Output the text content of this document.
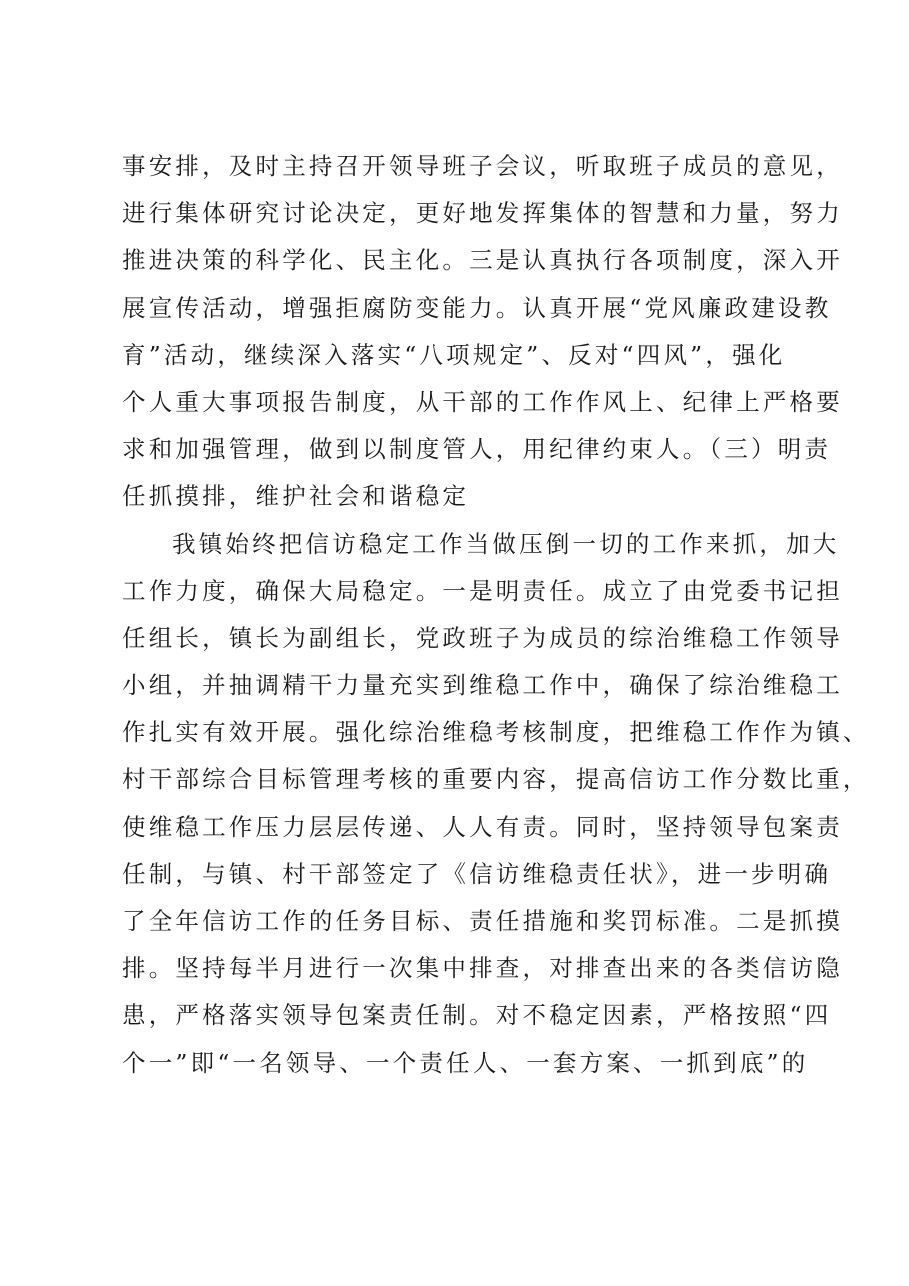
事安排，及时主持召开领导班子会议，听取班子成员的意见，
进行集体研究讨论决定，更好地发挥集体的智慧和力量，努力
推进决策的科学化、民主化。三是认真执行各项制度，深入开
展宣传活动，增强拒腐防变能力。认真开展“党风廉政建设教
育”活动，继续深入落实“八项规定”、反对“四风”，强化
个人重大事项报告制度，从干部的工作作风上、纪律上严格要
求和加强管理，做到以制度管人，用纪律约束人。（三）明责
任抓摸排，维护社会和谐稳定
我镇始终把信访稳定工作当做压倒一切的工作来抓，加大
工作力度，确保大局稳定。一是明责任。成立了由党委书记担
任组长，镇长为副组长，党政班子为成员的综治维稳工作领导
小组，并抽调精干力量充实到维稳工作中，确保了综治维稳工
作扎实有效开展。强化综治维稳考核制度，把维稳工作作为镇、
村干部综合目标管理考核的重要内容，提高信访工作分数比重，
使维稳工作压力层层传递、人人有责。同时，坚持领导包案责
任制，与镇、村干部签定了《信访维稳责任状》，进一步明确
了全年信访工作的任务目标、责任措施和奖罚标准。二是抓摸
排。坚持每半月进行一次集中排查，对排查出来的各类信访隐
患，严格落实领导包案责任制。对不稳定因素，严格按照“四
个一”即“一名领导、一个责任人、一套方案、一抓到底”的
